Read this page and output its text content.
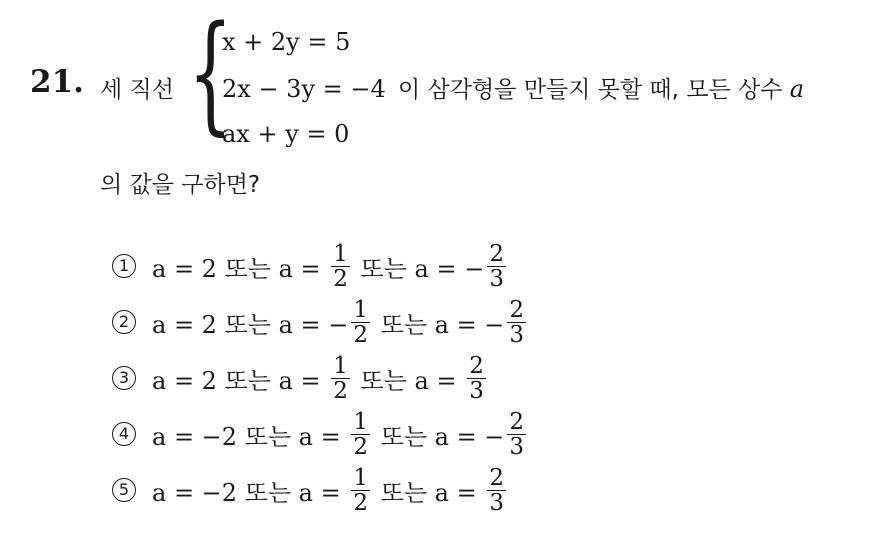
21. 세 직선 {
x + 2y = 5
2x − 3y = −4
ax + y = 0
이 삼각형을 만들지 못할 때, 모든 상수 a
의 값을 구하면?
1 a = 2 또는 $a = \frac{1}{2}$ 또는 a = − $\frac{2}{3}$
2 a = 2 또는 a = − $\frac{1}{2}$ 또는 a = − $\frac{2}{3}$
3 a = 2 또는 $a = \frac{1}{2}$ 또는 $a = \frac{2}{3}$
4 a = −2 또는 $a = \frac{1}{2}$ 또는 a = − $\frac{2}{3}$
5 a = −2 또는 $a = \frac{1}{2}$ 또는 $a = \frac{2}{3}$
